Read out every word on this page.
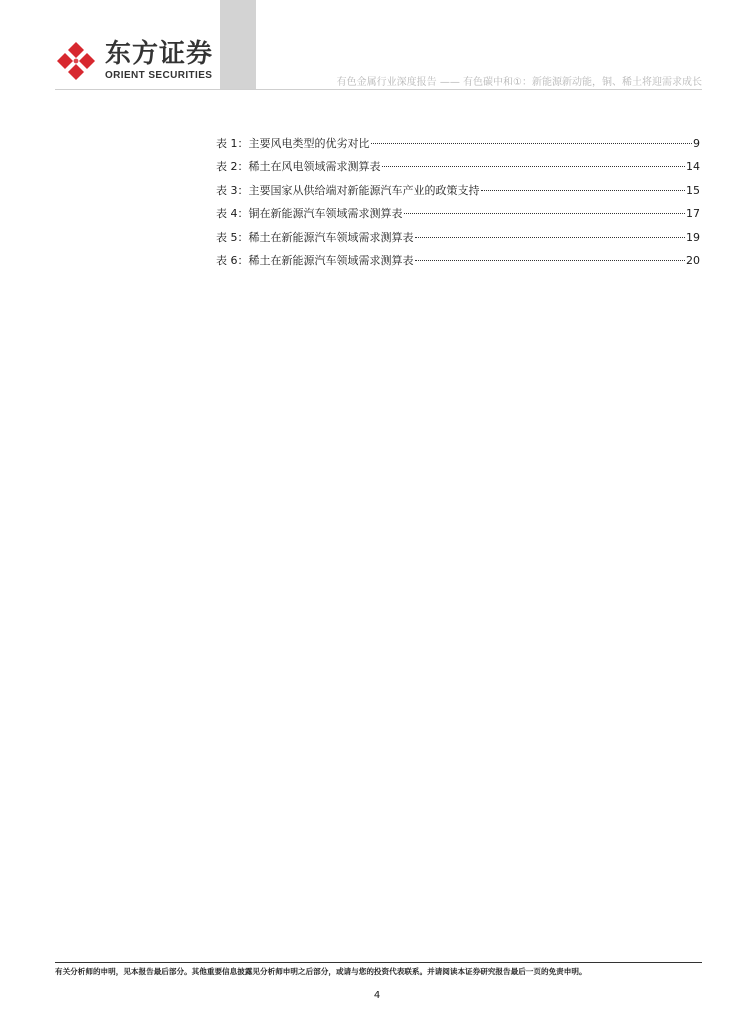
东方证券
ORIENT SECURITIES
有色金属行业深度报告 —— 有色碳中和①：新能源新动能，铜、稀土将迎需求成长
表 1：主要风电类型的优劣对比	9
表 2：稀土在风电领域需求测算表	14
表 3：主要国家从供给端对新能源汽车产业的政策支持	15
表 4：铜在新能源汽车领域需求测算表	17
表 5：稀土在新能源汽车领域需求测算表	19
表 6：稀土在新能源汽车领域需求测算表	20
有关分析师的申明，见本报告最后部分。其他重要信息披露见分析师申明之后部分，或请与您的投资代表联系。并请阅读本证券研究报告最后一页的免责申明。
4
